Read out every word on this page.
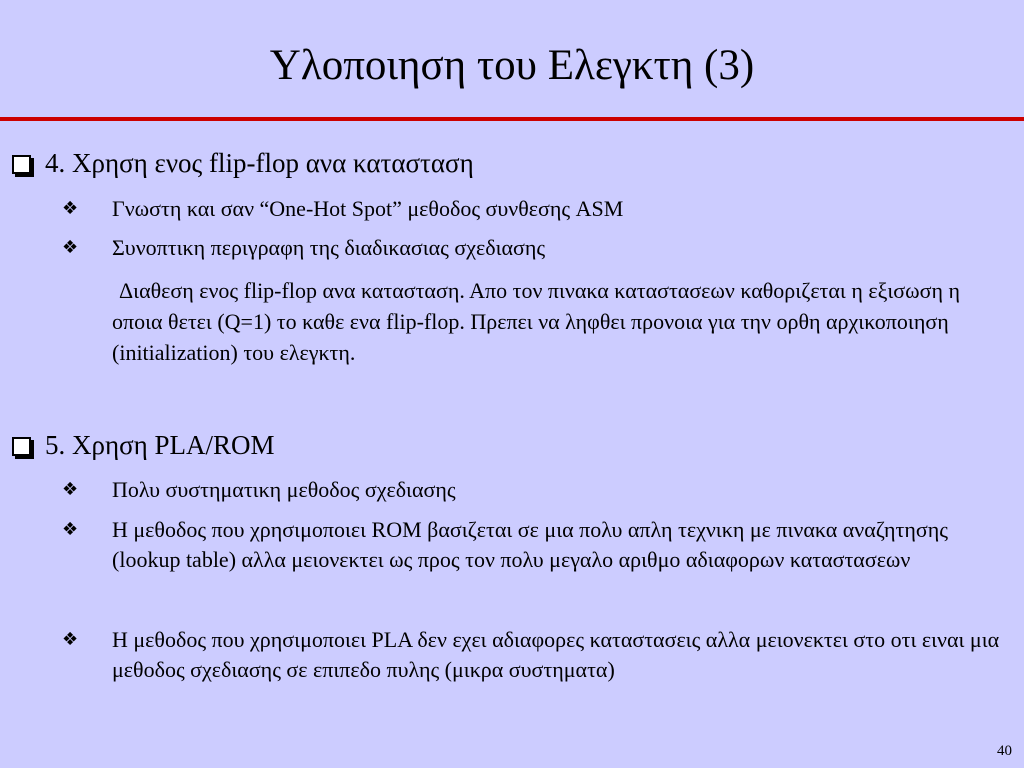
Υλοποιηση του Ελεγκτη (3)
4. Χρηση ενος flip-flop ανα κατασταση
❖	Γνωστη και σαν “One-Hot Spot” μεθοδος συνθεσης ASM
❖	Συνοπτικη περιγραφη της διαδικασιας σχεδιασης
Διαθεση ενος flip-flop ανα κατασταση. Απο τον πινακα καταστασεων καθοριζεται η εξισωση η οποια θετει (Q=1) το καθε ενα flip-flop. Πρεπει να ληφθει προνοια για την ορθη αρχικοποιηση (initialization) του ελεγκτη.
5. Χρηση PLA/ROM
❖	Πολυ συστηματικη μεθοδος σχεδιασης
❖	Η μεθοδος που χρησιμοποιει ROM βασιζεται σε μια πολυ απλη τεχνικη με πινακα αναζητησης (lookup table) αλλα μειονεκτει ως προς τον πολυ μεγαλο αριθμο αδιαφορων καταστασεων
❖	Η μεθοδος που χρησιμοποιει PLA δεν εχει αδιαφορες καταστασεις αλλα μειονεκτει στο οτι ειναι μια μεθοδος σχεδιασης σε επιπεδο πυλης (μικρα συστηματα)
40
